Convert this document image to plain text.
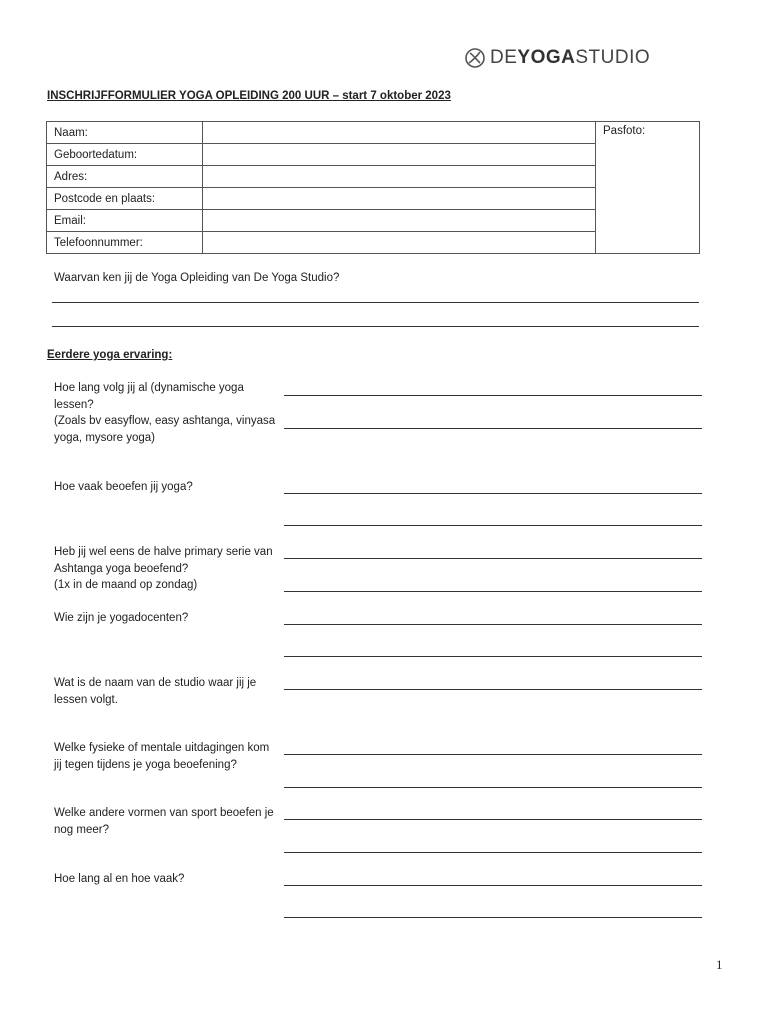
DEYOGASTUDIO
INSCHRIJFFORMULIER YOGA OPLEIDING 200 UUR – start 7 oktober 2023
Naam:		Pasfoto:
Geboortedatum:		
Adres:		
Postcode en plaats:		
Email:		
Telefoonnummer:		
Waarvan ken jij de Yoga Opleiding van De Yoga Studio?
Eerdere yoga ervaring:
Hoe lang volg jij al (dynamische yoga lessen?
(Zoals bv easyflow, easy ashtanga, vinyasa yoga, mysore yoga)
Hoe vaak beoefen jij yoga?
Heb jij wel eens de halve primary serie van Ashtanga yoga beoefend?
(1x in de maand op zondag)
Wie zijn je yogadocenten?
Wat is de naam van de studio waar jij je lessen volgt.
Welke fysieke of mentale uitdagingen kom jij tegen tijdens je yoga beoefening?
Welke andere vormen van sport beoefen je nog meer?
Hoe lang al en hoe vaak?
1
